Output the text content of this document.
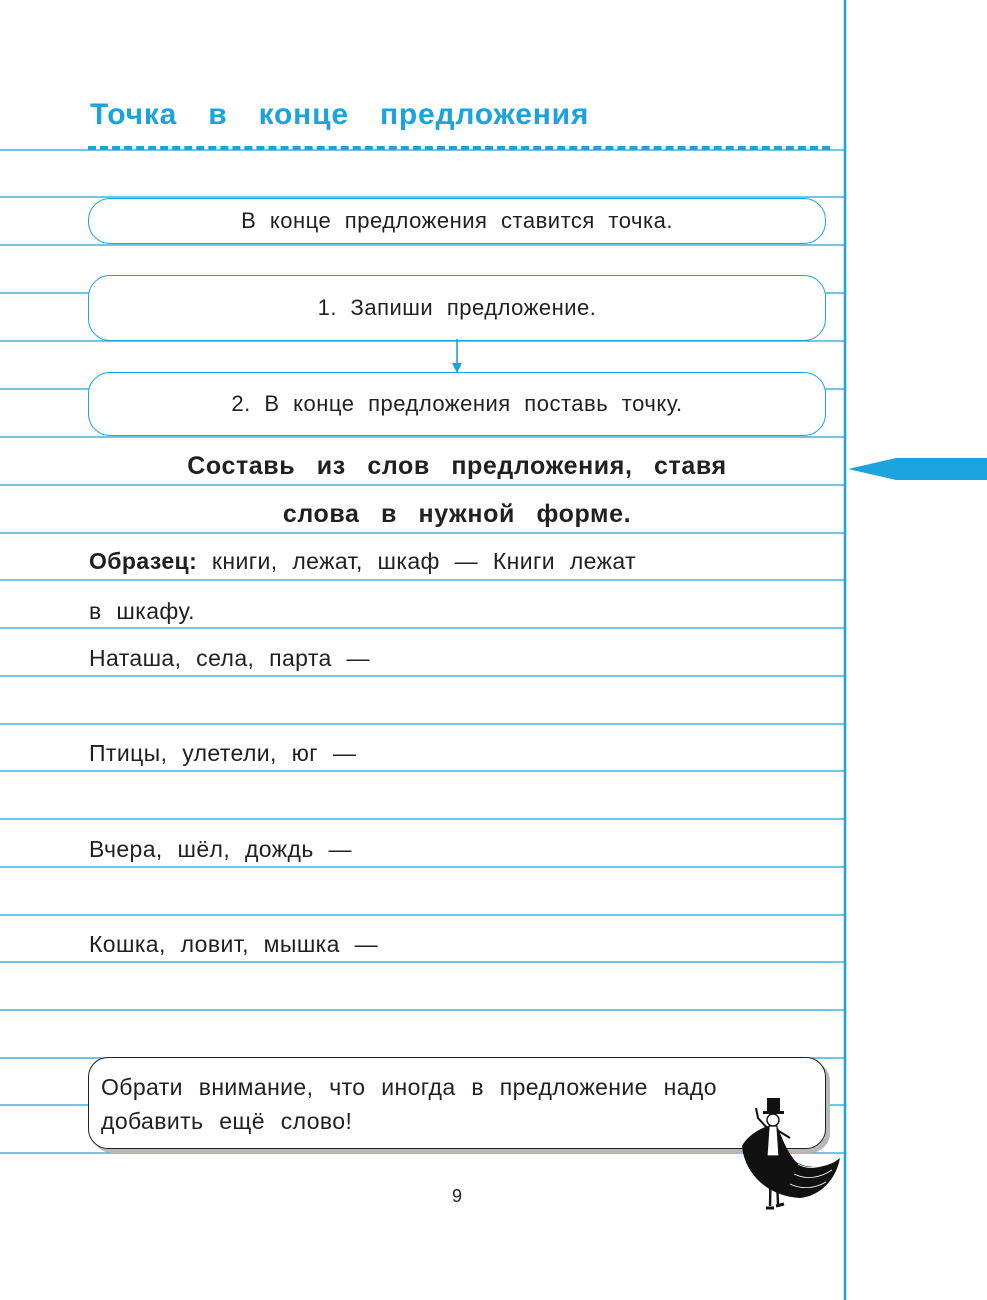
Точка в конце предложения
В конце предложения ставится точка.
1. Запиши предложение.
2. В конце предложения поставь точку.
Составь из слов предложения, ставя
слова в нужной форме.
Образец: книги, лежат, шкаф — Книги лежат
в шкафу.
Наташа, села, парта —
Птицы, улетели, юг —
Вчера, шёл, дождь —
Кошка, ловит, мышка —
Обрати внимание, что иногда в предложение надо добавить ещё слово!
9
